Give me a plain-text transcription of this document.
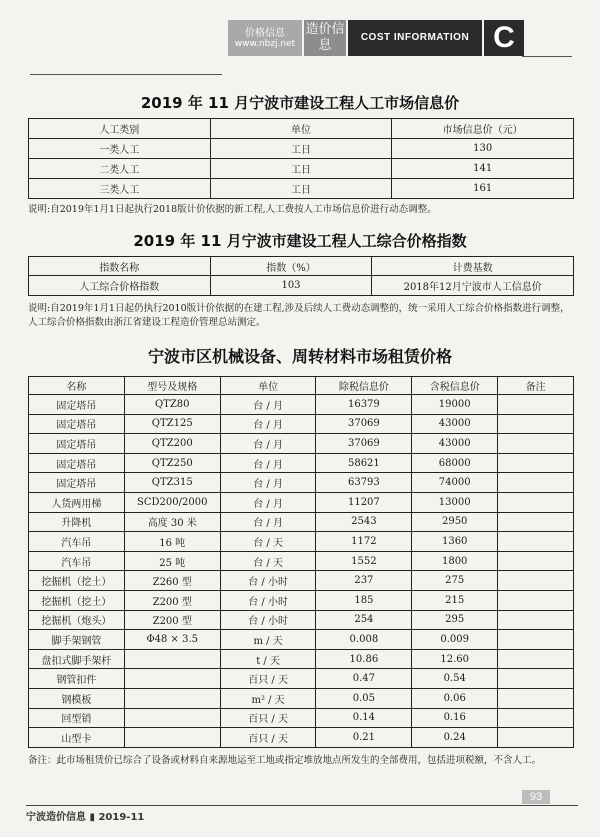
价格信息
www.nbzj.net
造价信息
COST INFORMATION C
2019 年 11 月宁波市建设工程人工市场信息价
人工类别	单位	市场信息价（元）
一类人工	工日	130
二类人工	工日	141
三类人工	工日	161
说明:自2019年1月1日起执行2018版计价依据的新工程,人工费按人工市场信息价进行动态调整。
2019 年 11 月宁波市建设工程人工综合价格指数
指数名称	指数（%）	计费基数
人工综合价格指数	103	2018年12月宁波市人工信息价
说明:自2019年1月1日起仍执行2010版计价依据的在建工程,涉及后续人工费动态调整的，统一采用人工综合价格指数进行调整，人工综合价格指数由浙江省建设工程造价管理总站测定。
宁波市区机械设备、周转材料市场租赁价格
名称	型号及规格	单位	除税信息价	含税信息价	备注
固定塔吊	QTZ80	台 / 月	16379	19000	
固定塔吊	QTZ125	台 / 月	37069	43000	
固定塔吊	QTZ200	台 / 月	37069	43000	
固定塔吊	QTZ250	台 / 月	58621	68000	
固定塔吊	QTZ315	台 / 月	63793	74000	
人货两用梯	SCD200/2000	台 / 月	11207	13000	
升降机	高度 30 米	台 / 月	2543	2950	
汽车吊	16 吨	台 / 天	1172	1360	
汽车吊	25 吨	台 / 天	1552	1800	
挖掘机（挖土）	Z260 型	台 / 小时	237	275	
挖掘机（挖土）	Z200 型	台 / 小时	185	215	
挖掘机（炮头）	Z200 型	台 / 小时	254	295	
脚手架钢管	Φ48 × 3.5	m / 天	0.008	0.009	
盘扣式脚手架杆		t / 天	10.86	12.60	
钢管扣件		百只 / 天	0.47	0.54	
钢模板		m² / 天	0.05	0.06	
回型销		百只 / 天	0.14	0.16	
山型卡		百只 / 天	0.21	0.24	
备注：此市场租赁价已综合了设备或材料自来源地运至工地或指定堆放地点所发生的全部费用，包括进项税额，不含人工。
93
宁波造价信息 ▮ 2019-11
